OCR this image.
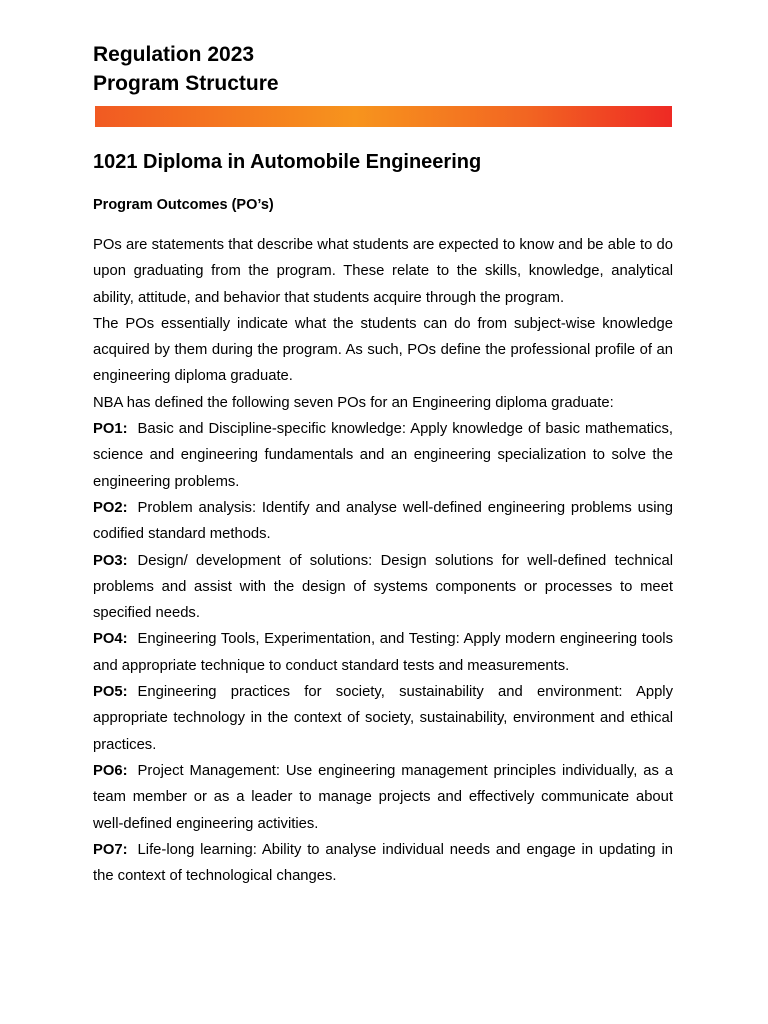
Regulation 2023

Program Structure

1021 Diploma in Automobile Engineering
Program Outcomes (PO’s)

POs are statements that describe what students are expected to know and be able to do upon graduating from the program. These relate to the skills, knowledge, analytical ability, attitude, and behavior that students acquire through the program.

The POs essentially indicate what the students can do from subject-wise knowledge acquired by them during the program. As such, POs define the professional profile of an engineering diploma graduate.

NBA has defined the following seven POs for an Engineering diploma graduate:

PO1: Basic and Discipline-specific knowledge: Apply knowledge of basic mathematics, science and engineering fundamentals and an engineering specialization to solve the engineering problems.

PO2: Problem analysis: Identify and analyse well-defined engineering problems using codified standard methods.

PO3: Design/ development of solutions: Design solutions for well-defined technical problems and assist with the design of systems components or processes to meet specified needs.

PO4: Engineering Tools, Experimentation, and Testing: Apply modern engineering tools and appropriate technique to conduct standard tests and measurements.

PO5: Engineering practices for society, sustainability and environment: Apply appropriate technology in the context of society, sustainability, environment and ethical practices.

PO6: Project Management: Use engineering management principles individually, as a team member or as a leader to manage projects and effectively communicate about well-defined engineering activities.

PO7: Life-long learning: Ability to analyse individual needs and engage in updating in the context of technological changes.
